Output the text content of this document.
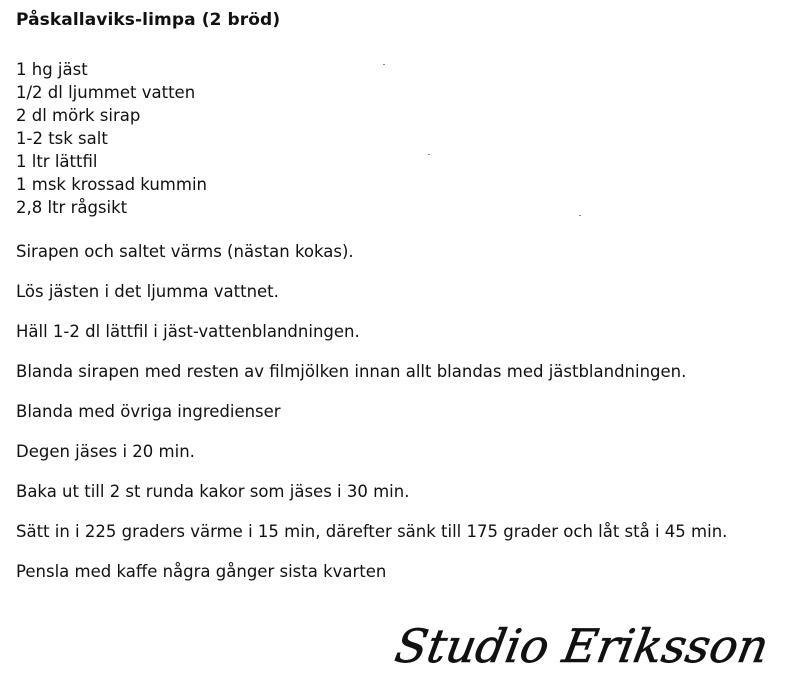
Påskallaviks-limpa (2 bröd)
1 hg jäst
1/2 dl ljummet vatten
2 dl mörk sirap
1-2 tsk salt
1 ltr lättfil
1 msk krossad kummin
2,8 ltr rågsikt

Sirapen och saltet värms (nästan kokas).

Lös jästen i det ljumma vattnet.

Häll 1-2 dl lättfil i jäst-vattenblandningen.

Blanda sirapen med resten av filmjölken innan allt blandas med jästblandningen.

Blanda med övriga ingredienser

Degen jäses i 20 min.

Baka ut till 2 st runda kakor som jäses i 30 min.

Sätt in i 225 graders värme i 15 min, därefter sänk till 175 grader och låt stå i 45 min.

Pensla med kaffe några gånger sista kvarten

Studio Eriksson
